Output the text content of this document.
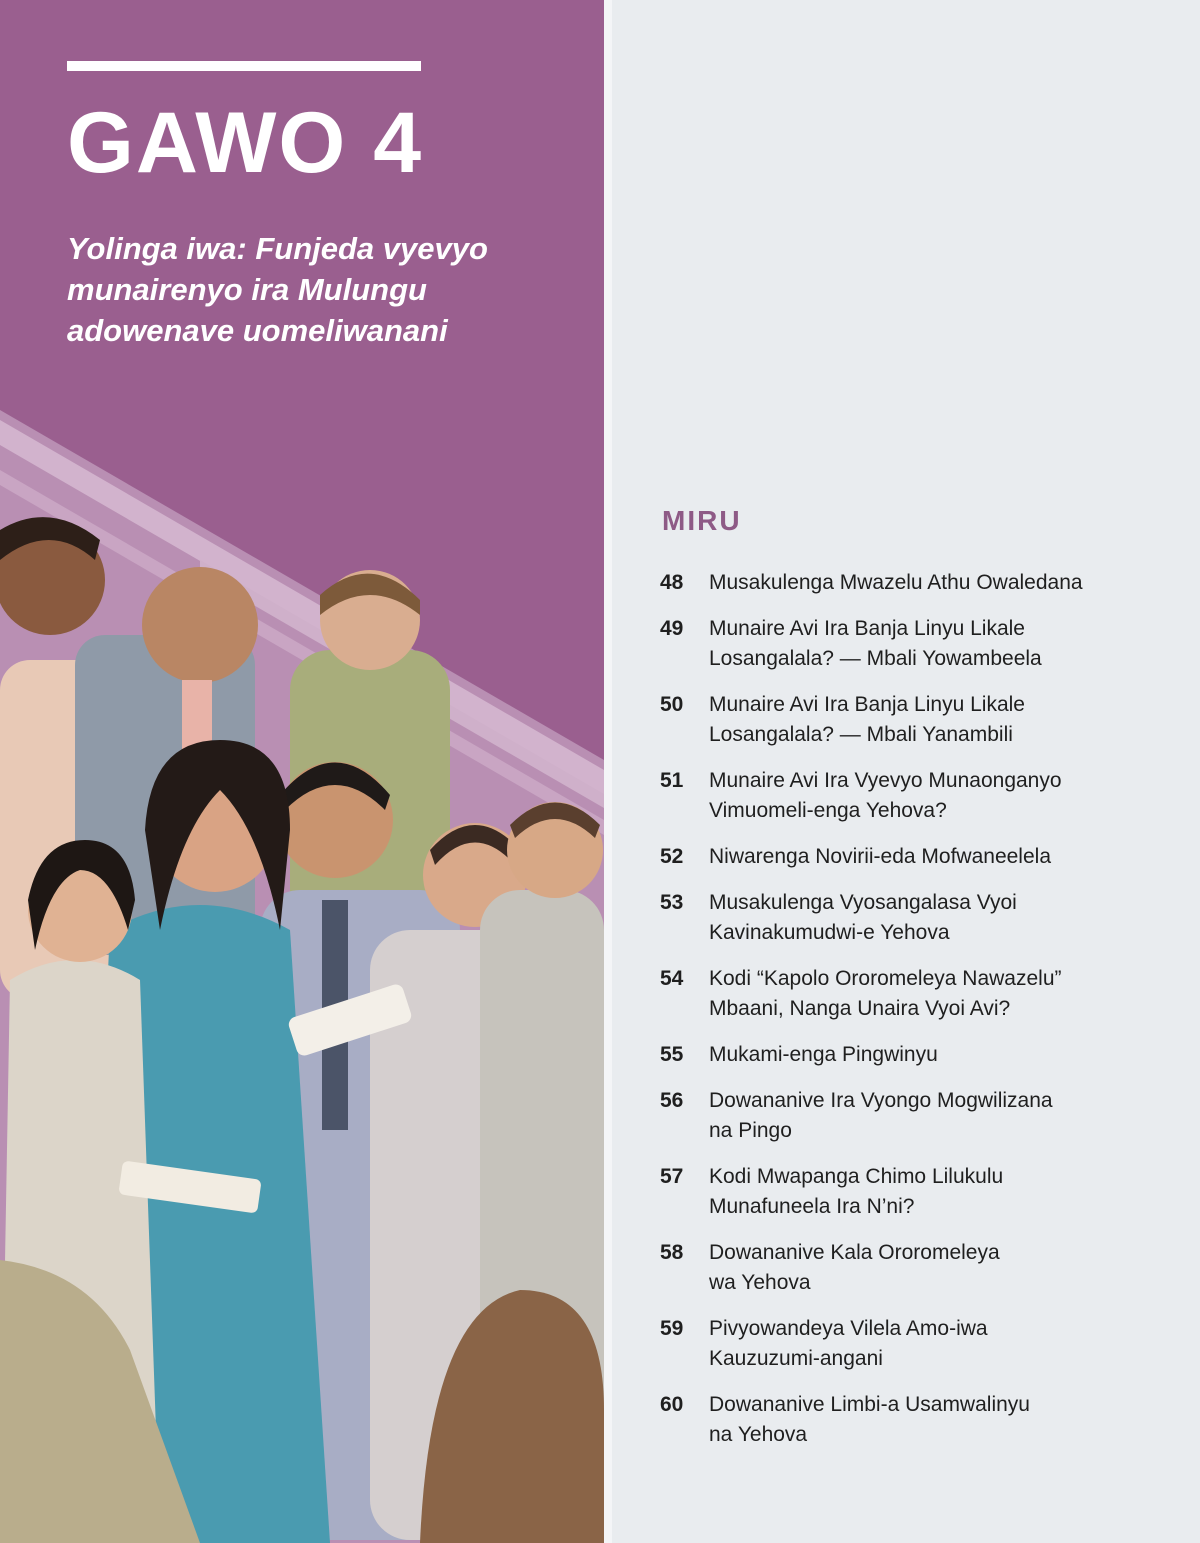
GAWO 4

Yolinga iwa: Funjeda vyevyo munairenyo ira Mulungu adowenave uomeliwanani

MIRU
48	Musakulenga Mwazelu Athu Owaledana
49	Munaire Avi Ira Banja Linyu Likale
Losangalala? — Mbali Yowambeela
50	Munaire Avi Ira Banja Linyu Likale
Losangalala? — Mbali Yanambili
51	Munaire Avi Ira Vyevyo Munaonganyo
Vimuomeli-enga Yehova?
52	Niwarenga Novirii-eda Mofwaneelela
53	Musakulenga Vyosangalasa Vyoi
Kavinakumudwi-e Yehova
54	Kodi “Kapolo Ororomeleya Nawazelu”
Mbaani, Nanga Unaira Vyoi Avi?
55	Mukami-enga Pingwinyu
56	Dowananive Ira Vyongo Mogwilizana
na Pingo
57	Kodi Mwapanga Chimo Lilukulu
Munafuneela Ira N’ni?
58	Dowananive Kala Ororomeleya
wa Yehova
59	Pivyowandeya Vilela Amo-iwa
Kauzuzumi-angani
60	Dowananive Limbi-a Usamwalinyu
na Yehova
